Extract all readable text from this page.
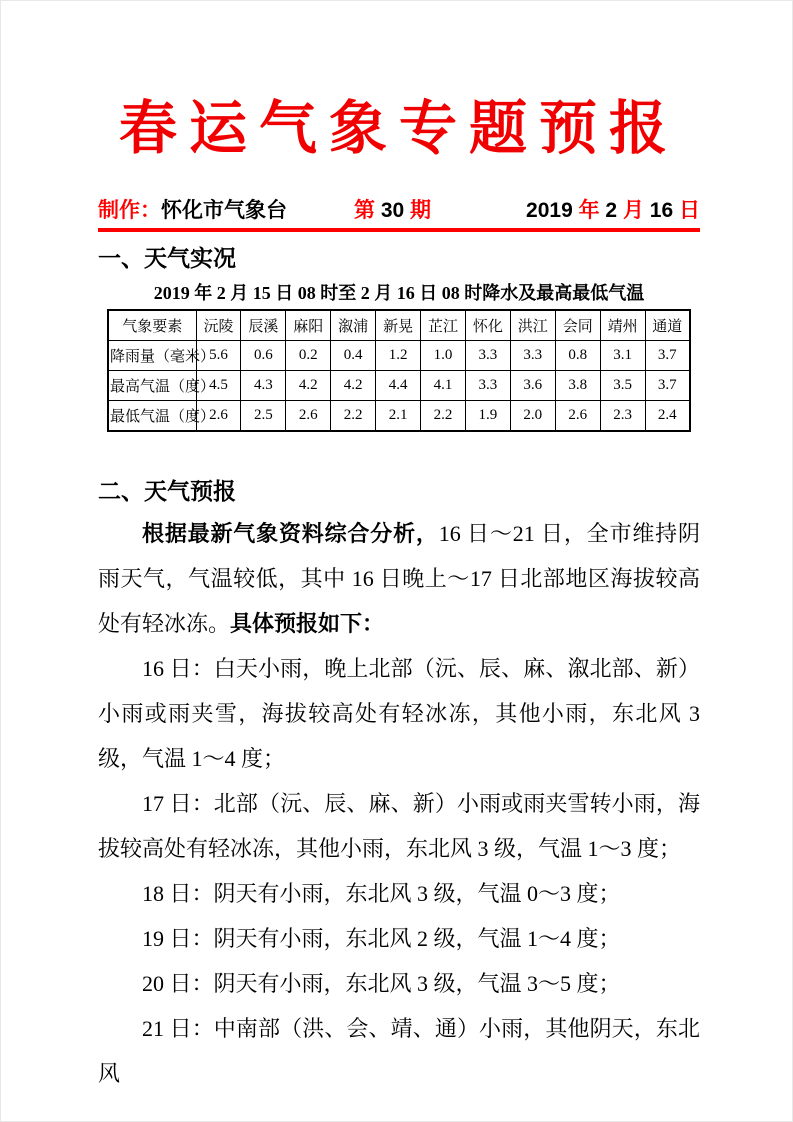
春运气象专题预报
制作：怀化市气象台	第 30 期	2019 年 2 月 16 日
一、天气实况
2019 年 2 月 15 日 08 时至 2 月 16 日 08 时降水及最高最低气温
气象要素	沅陵	辰溪	麻阳	溆浦	新晃	芷江	怀化	洪江	会同	靖州	通道
降雨量（毫米）	5.6	0.6	0.2	0.4	1.2	1.0	3.3	3.3	0.8	3.1	3.7
最高气温（度）	4.5	4.3	4.2	4.2	4.4	4.1	3.3	3.6	3.8	3.5	3.7
最低气温（度）	2.6	2.5	2.6	2.2	2.1	2.2	1.9	2.0	2.6	2.3	2.4
二、天气预报

根据最新气象资料综合分析，16 日～21 日，全市维持阴雨天气，气温较低，其中 16 日晚上～17 日北部地区海拔较高处有轻冰冻。具体预报如下：

16 日：白天小雨，晚上北部（沅、辰、麻、溆北部、新）小雨或雨夹雪，海拔较高处有轻冰冻，其他小雨，东北风 3 级，气温 1～4 度；

17 日：北部（沅、辰、麻、新）小雨或雨夹雪转小雨，海拔较高处有轻冰冻，其他小雨，东北风 3 级，气温 1～3 度；

18 日：阴天有小雨，东北风 3 级，气温 0～3 度；

19 日：阴天有小雨，东北风 2 级，气温 1～4 度；

20 日：阴天有小雨，东北风 3 级，气温 3～5 度；

21 日：中南部（洪、会、靖、通）小雨，其他阴天，东北风
